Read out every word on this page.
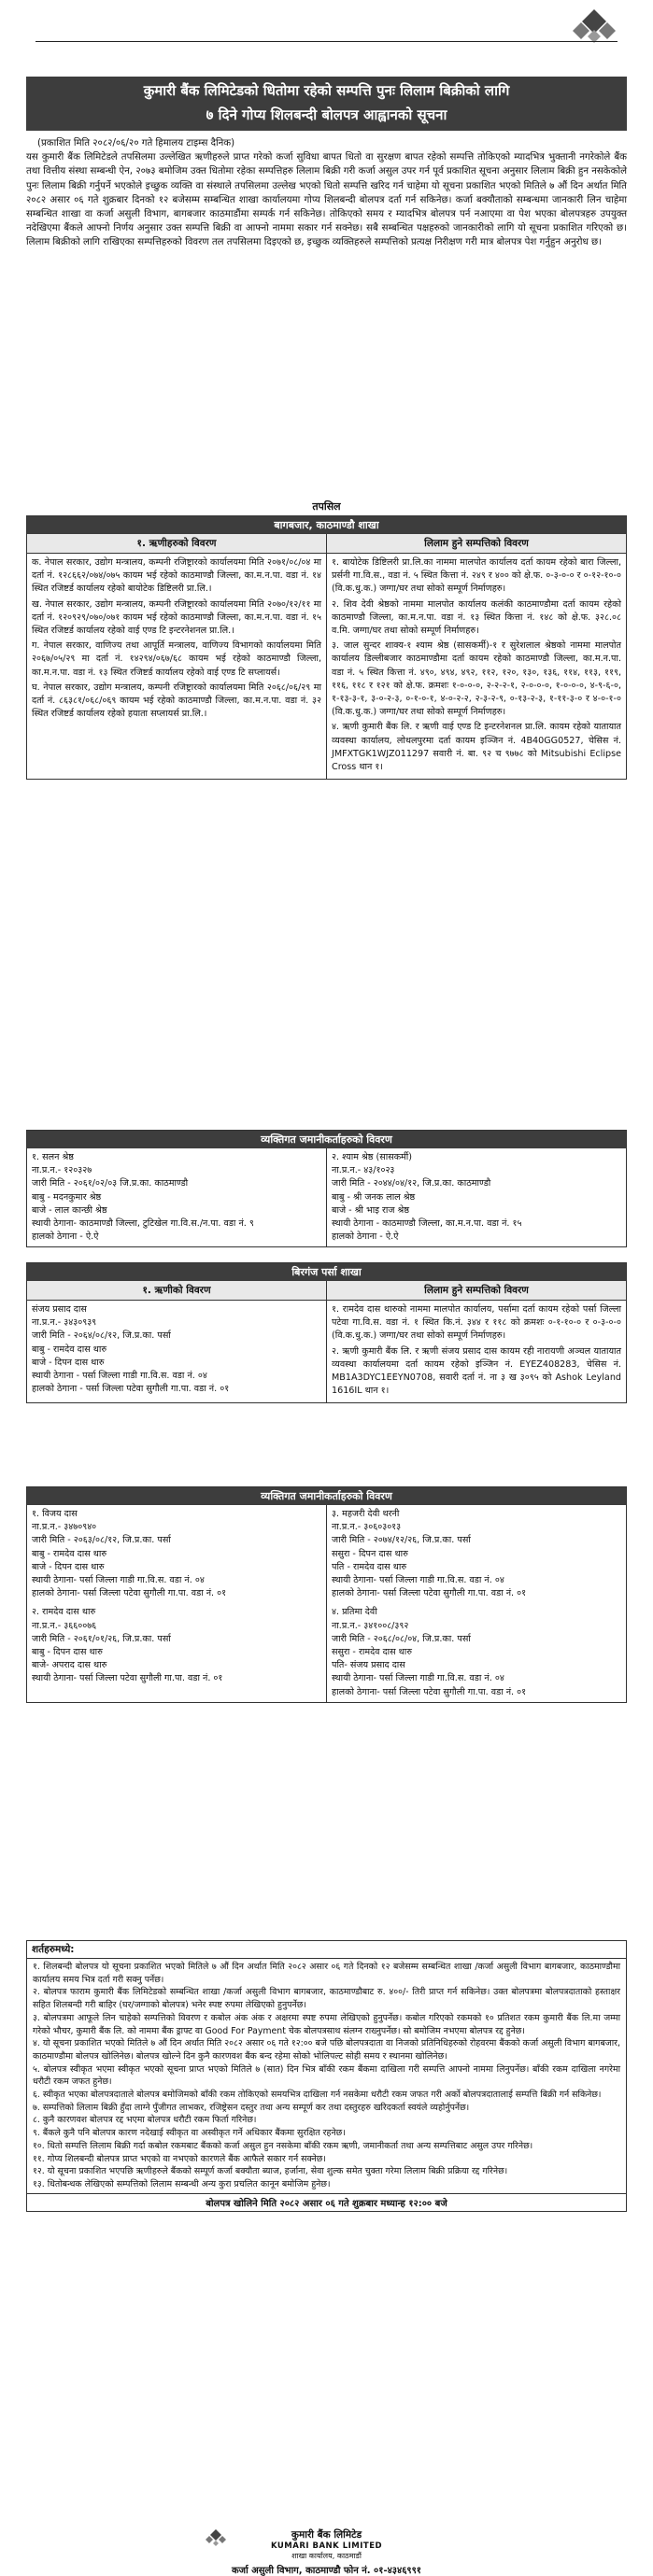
कुमारी बैंक लिमिटेडको धितोमा रहेको सम्पत्ति पुनः लिलाम बिक्रीको लागि
७ दिने गोप्य शिलबन्दी बोलपत्र आह्वानको सूचना

(प्रकाशित मिति २०८२/०६/२० गते हिमालय टाइम्स दैनिक)

यस कुमारी बैंक लिमिटेडले तपसिलमा उल्लेखित ऋणीहरुले प्राप्त गरेको कर्जा सुविधा बापत धितो वा सुरक्षण बापत रहेको सम्पत्ति तोकिएको म्यादभित्र भुक्तानी नगरेकोले बैंक तथा वित्तीय संस्था सम्बन्धी ऐन, २०७३ बमोजिम उक्त धितोमा रहेका सम्पत्तिहरु लिलाम बिक्री गरी कर्जा असुल उपर गर्न पूर्व प्रकाशित सूचना अनुसार लिलाम बिक्री हुन नसकेकोले पुनः लिलाम बिक्री गर्नुपर्ने भएकोले इच्छुक व्यक्ति वा संस्थाले तपसिलमा उल्लेख भएको धितो सम्पत्ति खरिद गर्न चाहेमा यो सूचना प्रकाशित भएको मितिले ७ औं दिन अर्थात मिति २०८२ असार ०६ गते शुक्रबार दिनको १२ बजेसम्म सम्बन्धित शाखा कार्यालयमा गोप्य शिलबन्दी बोलपत्र दर्ता गर्न सकिनेछ। कर्जा बक्यौताको सम्बन्धमा जानकारी लिन चाहेमा सम्बन्धित शाखा वा कर्जा असुली विभाग, बागबजार काठमाडौंमा सम्पर्क गर्न सकिनेछ। तोकिएको समय र म्यादभित्र बोलपत्र पर्न नआएमा वा पेश भएका बोलपत्रहरु उपयुक्त नदेखिएमा बैंकले आफ्नो निर्णय अनुसार उक्त सम्पत्ति बिक्री वा आफ्नो नाममा सकार गर्न सक्नेछ। सबै सम्बन्धित पक्षहरुको जानकारीको लागि यो सूचना प्रकाशित गरिएको छ। लिलाम बिक्रीको लागि राखिएका सम्पत्तिहरुको विवरण तल तपसिलमा दिइएको छ, इच्छुक व्यक्तिहरुले सम्पत्तिको प्रत्यक्ष निरीक्षण गरी मात्र बोलपत्र पेश गर्नुहुन अनुरोध छ।

तपसिल
बागबजार, काठमाण्डौ शाखा
१. ऋणीहरुको विवरण

क. नेपाल सरकार, उद्योग मन्त्रालय, कम्पनी रजिष्ट्रारको कार्यालयमा मिति २०७१/०८/०४ मा दर्ता नं. १२८६६२/०७४/०७५ कायम भई रहेको काठमाण्डौ जिल्ला, का.म.न.पा. वडा नं. १४ स्थित रजिष्टर्ड कार्यालय रहेको बायोटेक डिष्टिलरी प्रा.लि.।

ख. नेपाल सरकार, उद्योग मन्त्रालय, कम्पनी रजिष्ट्रारको कार्यालयमा मिति २०७०/१२/११ मा दर्ता नं. १२०९२९/०७०/०७१ कायम भई रहेको काठमाण्डौ जिल्ला, का.म.न.पा. वडा नं. १५ स्थित रजिष्टर्ड कार्यालय रहेको वाई एण्ड टि इन्टरनेशनल प्रा.लि.।

ग. नेपाल सरकार, वाणिज्य तथा आपूर्ति मन्त्रालय, वाणिज्य विभागको कार्यालयमा मिति २०६७/०५/२९ मा दर्ता नं. १४२९४/०६७/६८ कायम भई रहेको काठमाण्डौ जिल्ला, का.म.न.पा. वडा नं. १३ स्थित रजिष्टर्ड कार्यालय रहेको वाई एण्ड टि सप्लायर्स।

घ. नेपाल सरकार, उद्योग मन्त्रालय, कम्पनी रजिष्ट्रारको कार्यालयमा मिति २०६८/०६/२९ मा दर्ता नं. ८६३८१/०६८/०६९ कायम भई रहेको काठमाण्डौ जिल्ला, का.म.न.पा. वडा नं. ३२ स्थित रजिष्टर्ड कार्यालय रहेको हयाता सप्लायर्स प्रा.लि.।

लिलाम हुने सम्पत्तिको विवरण

१. बायोटेक डिष्टिलरी प्रा.लि.का नाममा मालपोत कार्यालय दर्ता कायम रहेको बारा जिल्ला, प्रर्सनी गा.वि.स., वडा नं. ५ स्थित कित्ता नं. २४९ र ४०० को क्षे.फ. ०-३-०-० र ०-१२-१०-० (वि.क.धु.क.) जग्गा/घर तथा सोको सम्पूर्ण निर्माणहरु।

२. शिव देवी श्रेष्ठको नाममा मालपोत कार्यालय कलंकी काठमाण्डौमा दर्ता कायम रहेको काठमाण्डौ जिल्ला, का.म.न.पा. वडा नं. १३ स्थित कित्ता नं. १४८ को क्षे.फ. ३२८.०८ व.मि. जग्गा/घर तथा सोको सम्पूर्ण निर्माणहरु।

३. जाल सुन्दर शाक्य-१ श्याम श्रेष्ठ (सासकर्मी)-१ र सुरेशलाल श्रेष्ठको नाममा मालपोत कार्यालय डिल्लीबजार काठमाण्डौमा दर्ता कायम रहेको काठमाण्डौ जिल्ला, का.म.न.पा. वडा नं. ५ स्थित कित्ता नं. ४९०, ४९४, ४९२, ११२, १२०, १३०, १३६, ११४, ११३, ११९, ११६, ११८ र १२१ को क्षे.फ. क्रमशः १-०-०-०, २-२-२-१, २-०-०-०, १-०-०-०, ४-९-६-०, १-१३-३-१, ३-०-२-३, ०-१-०-१, ४-०-२-२, २-३-२-९, ०-१३-२-३, १-११-३-० र ४-०-१-० (वि.क.धु.क.) जग्गा/घर तथा सोको सम्पूर्ण निर्माणहरु।

४. ऋणी कुमारी बैंक लि. र ऋणी वाई एण्ड टि इन्टरनेशनल प्रा.लि. कायम रहेको यातायात व्यवस्था कार्यालय, लोथलपुरमा दर्ता कायम इञ्जिन नं. 4B40GG0527, चेसिस नं. JMFXTGK1WJZ011297 सवारी नं. बा. ९२ च ९७७८ को Mitsubishi Eclipse Cross थान १।

व्यक्तिगत जमानीकर्ताहरुको विवरण
१. सलन श्रेष्ठ
ना.प्र.न.- १२०३२७
जारी मिति - २०६१/०२/०३ जि.प्र.का. काठमाण्डौ
बाबु - मदनकुमार श्रेष्ठ
बाजे - लाल कान्छी श्रेष्ठ
स्थायी ठेगाना- काठमाण्डौ जिल्ला, टुटिखेल गा.वि.स./न.पा. वडा नं. ९
हालको ठेगाना - ऐ.ऐ
२. श्याम श्रेष्ठ (सासकर्मी)
ना.प्र.न.- ४३/१०२३
जारी मिति - २०४४/०४/१२, जि.प्र.का. काठमाण्डौ
बाबु - श्री जनक लाल श्रेष्ठ
बाजे - श्री भाइ राज श्रेष्ठ
स्थायी ठेगाना - काठमाण्डौ जिल्ला, का.म.न.पा. वडा नं. १५
हालको ठेगाना - ऐ.ऐ
बिरगंज पर्सा शाखा
१. ऋणीको विवरण
संजय प्रसाद दास
ना.प्र.न.- ३४३०९३९
जारी मिति - २०६४/०८/१२, जि.प्र.का. पर्सा
बाबु - रामदेव दास थारु
बाजे - दिपन दास थारु
स्थायी ठेगाना - पर्सा जिल्ला गाडी गा.वि.स. वडा नं. ०४
हालको ठेगाना - पर्सा जिल्ला पटेवा सुगौली गा.पा. वडा नं. ०१
लिलाम हुने सम्पत्तिको विवरण

१. रामदेव दास थारुको नाममा मालपोत कार्यालय, पर्सामा दर्ता कायम रहेको पर्सा जिल्ला पटेवा गा.वि.स. वडा नं. १ स्थित कि.नं. ३४४ र ११८ को क्रमशः ०-१-१०-० र ०-३-०-० (वि.क.धु.क.) जग्गा/घर तथा सोको सम्पूर्ण निर्माणहरु।

२. ऋणी कुमारी बैंक लि. र ऋणी संजय प्रसाद दास कायम रही नारायणी अञ्चल यातायात व्यवस्था कार्यालयमा दर्ता कायम रहेको इञ्जिन नं. EYEZ408283, चेसिस नं. MB1A3DYC1EEYN0708, सवारी दर्ता नं. ना ३ ख ३०९५ को Ashok Leyland 1616IL थान १।

व्यक्तिगत जमानीकर्ताहरुको विवरण
१. विजय दास
ना.प्र.न.- ३४७०९४०
जारी मिति - २०६३/०८/१२, जि.प्र.का. पर्सा
बाबु - रामदेव दास थारु
बाजे - दिपन दास थारु
स्थायी ठेगाना- पर्सा जिल्ला गाडी गा.वि.स. वडा नं. ०४
हालको ठेगाना- पर्सा जिल्ला पटेवा सुगौली गा.पा. वडा नं. ०१
२. रामदेव दास थारु
ना.प्र.न.- ३६६००७६
जारी मिति - २०६१/०१/२६, जि.प्र.का. पर्सा
बाबु - दिपन दास थारु
बाजे- अपराद दास थारु
स्थायी ठेगाना- पर्सा जिल्ला पटेवा सुगौली गा.पा. वडा नं. ०१
३. महजरी देवी थरनी
ना.प्र.न.- ३०६०३०१३
जारी मिति - २०७४/१२/२६, जि.प्र.का. पर्सा
ससुरा - दिपन दास थारु
पति - रामदेव दास थारु
स्थायी ठेगाना- पर्सा जिल्ला गाडी गा.वि.स. वडा नं. ०४
हालको ठेगाना- पर्सा जिल्ला पटेवा सुगौली गा.पा. वडा नं. ०१
४. प्रतिमा देवी
ना.प्र.न.- ३४१००८/३९२
जारी मिति - २०६८/०८/०४, जि.प्र.का. पर्सा
ससुरा - रामदेव दास थारु
पति- संजय प्रसाद दास
स्थायी ठेगाना- पर्सा जिल्ला गाडी गा.वि.स. वडा नं. ०४
हालको ठेगाना- पर्सा जिल्ला पटेवा सुगौली गा.पा. वडा नं. ०१
शर्तहरुमध्ये:
१. शिलबन्दी बोलपत्र यो सूचना प्रकाशित भएको मितिले ७ औं दिन अर्थात मिति २०८२ असार ०६ गते दिनको १२ बजेसम्म सम्बन्धित शाखा /कर्जा असुली विभाग बागबजार, काठमाण्डौमा कार्यालय समय भित्र दर्ता गरी सक्नु पर्नेछ।
२. बोलपत्र फाराम कुमारी बैंक लिमिटेडको सम्बन्धित शाखा /कर्जा असुली विभाग बागबजार, काठमाण्डौबाट रु. ४००/- तिरी प्राप्त गर्न सकिनेछ। उक्त बोलपत्रमा बोलपत्रदाताको हस्ताक्षर सहित शिलबन्दी गरी बाहिर (घर/जग्गाको बोलपत्र) भनेर स्पष्ट रुपमा लेखिएको हुनुपर्नेछ।
३. बोलपत्रमा आफूले लिन चाहेको सम्पत्तिको विवरण र कबोल अंक अंक र अक्षरमा स्पष्ट रुपमा लेखिएको हुनुपर्नेछ। कबोल गरिएको रकमको १० प्रतिशत रकम कुमारी बैंक लि.मा जम्मा गरेको भौचर, कुमारी बैंक लि. को नाममा बैंक ड्राफ्ट वा Good For Payment चेक बोलपत्रसाथ संलग्न राख्नुपर्नेछ। सो बमोजिम नभएमा बोलपत्र रद्द हुनेछ।
४. यो सूचना प्रकाशित भएको मितिले ७ औं दिन अर्थात मिति २०८२ असार ०६ गते १२:०० बजे पछि बोलपत्रदाता वा निजको प्रतिनिधिहरुको रोहवरमा बैंकको कर्जा असुली विभाग बागबजार, काठमाण्डौमा बोलपत्र खोलिनेछ। बोलपत्र खोल्ने दिन कुनै कारणवश बैंक बन्द रहेमा सोको भोलिपल्ट सोही समय र स्थानमा खोलिनेछ।
५. बोलपत्र स्वीकृत भएमा स्वीकृत भएको सूचना प्राप्त भएको मितिले ७ (सात) दिन भित्र बाँकी रकम बैंकमा दाखिला गरी सम्पत्ति आफ्नो नाममा लिनुपर्नेछ। बाँकी रकम दाखिला नगरेमा धरौटी रकम जफत हुनेछ।
६. स्वीकृत भएका बोलपत्रदाताले बोलपत्र बमोजिमको बाँकी रकम तोकिएको समयभित्र दाखिला गर्न नसकेमा धरौटी रकम जफत गरी अर्को बोलपत्रदातालाई सम्पत्ति बिक्री गर्न सकिनेछ।
७. सम्पत्तिको लिलाम बिक्री हुँदा लाग्ने पुँजीगत लाभकर, रजिष्ट्रेसन दस्तुर तथा अन्य सम्पूर्ण कर तथा दस्तुरहरु खरिदकर्ता स्वयंले व्यहोर्नुपर्नेछ।
८. कुनै कारणवश बोलपत्र रद्द भएमा बोलपत्र धरौटी रकम फिर्ता गरिनेछ।
९. बैंकले कुनै पनि बोलपत्र कारण नदेखाई स्वीकृत वा अस्वीकृत गर्ने अधिकार बैंकमा सुरक्षित रहनेछ।
१०. धितो सम्पत्ति लिलाम बिक्री गर्दा कबोल रकमबाट बैंकको कर्जा असुल हुन नसकेमा बाँकी रकम ऋणी, जमानीकर्ता तथा अन्य सम्पत्तिबाट असुल उपर गरिनेछ।
११. गोप्य शिलबन्दी बोलपत्र प्राप्त भएको वा नभएको कारणले बैंक आफैले सकार गर्न सक्नेछ।
१२. यो सूचना प्रकाशित भएपछि ऋणीहरुले बैंकको सम्पूर्ण कर्जा बक्यौता ब्याज, हर्जाना, सेवा शुल्क समेत चुक्ता गरेमा लिलाम बिक्री प्रक्रिया रद्द गरिनेछ।
१३. धितोबन्धक लेखिएको सम्पत्तिको लिलाम सम्बन्धी अन्य कुरा प्रचलित कानून बमोजिम हुनेछ।
बोलपत्र खोलिने मिति २०८२ असार ०६ गते शुक्रबार मध्यान्ह १२:०० बजे
कुमारी बैंक लिमिटेड
KUMARI BANK LIMITED
शाखा कार्यालय, काठमाडौं
कर्जा असुली विभाग, काठमाण्डौ फोन नं. ०१-४३४६९९१
